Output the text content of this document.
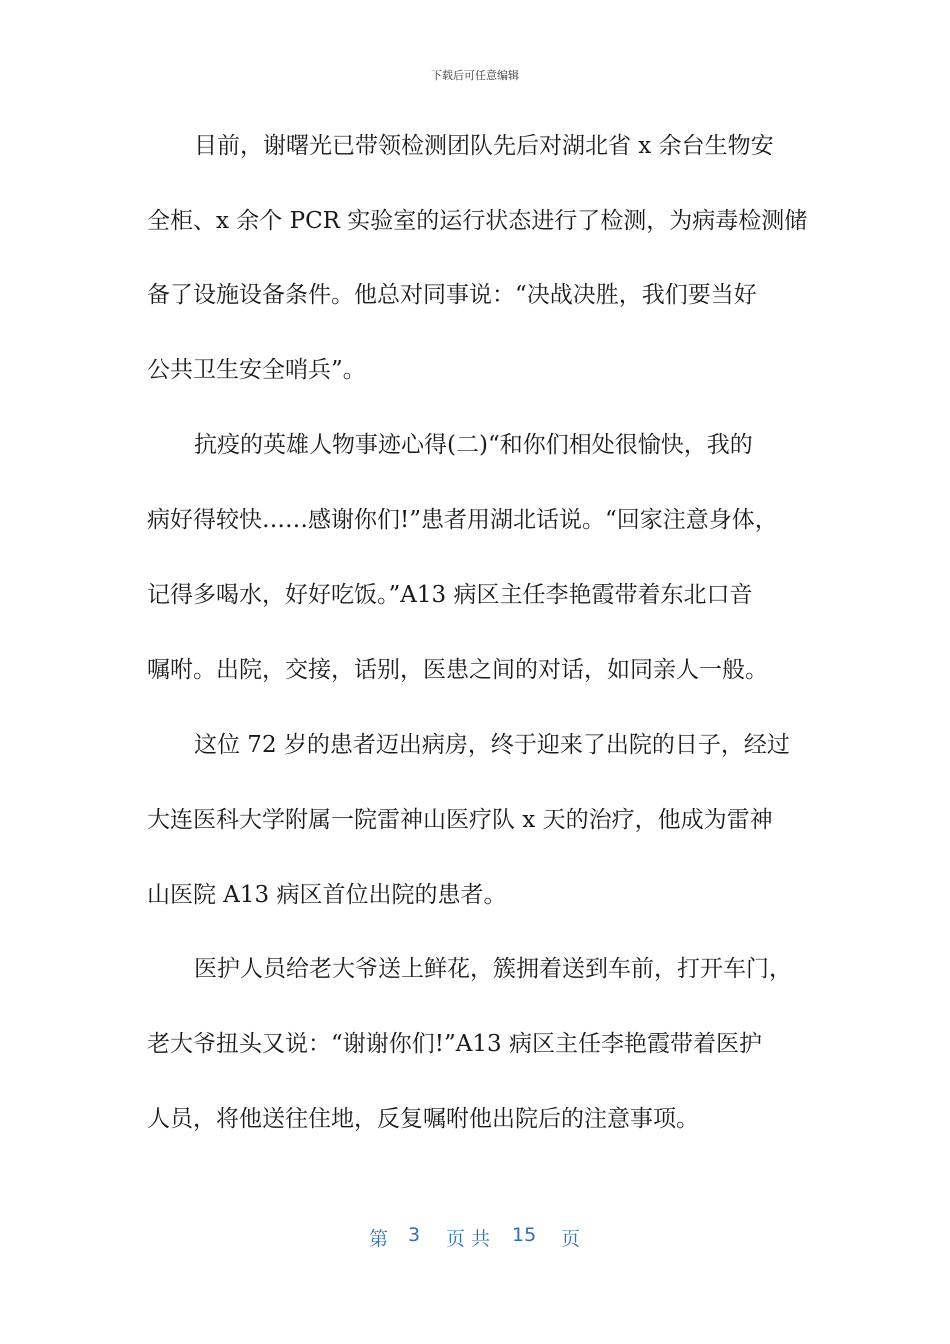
下载后可任意编辑
目前，谢曙光已带领检测团队先后对湖北省 x 余台生物安
全柜、x 余个 PCR 实验室的运行状态进行了检测，为病毒检测储
备了设施设备条件。他总对同事说：“决战决胜，我们要当好
公共卫生安全哨兵”。
抗疫的英雄人物事迹心得(二)“和你们相处很愉快，我的
病好得较快……感谢你们!”患者用湖北话说。“回家注意身体，
记得多喝水，好好吃饭。”A13 病区主任李艳霞带着东北口音
嘱咐。出院，交接，话别，医患之间的对话，如同亲人一般。
这位 72 岁的患者迈出病房，终于迎来了出院的日子，经过
大连医科大学附属一院雷神山医疗队 x 天的治疗，他成为雷神
山医院 A13 病区首位出院的患者。
医护人员给老大爷送上鲜花，簇拥着送到车前，打开车门，
老大爷扭头又说：“谢谢你们!”A13 病区主任李艳霞带着医护
人员，将他送往住地，反复嘱咐他出院后的注意事项。
第 3 页 共 15 页
